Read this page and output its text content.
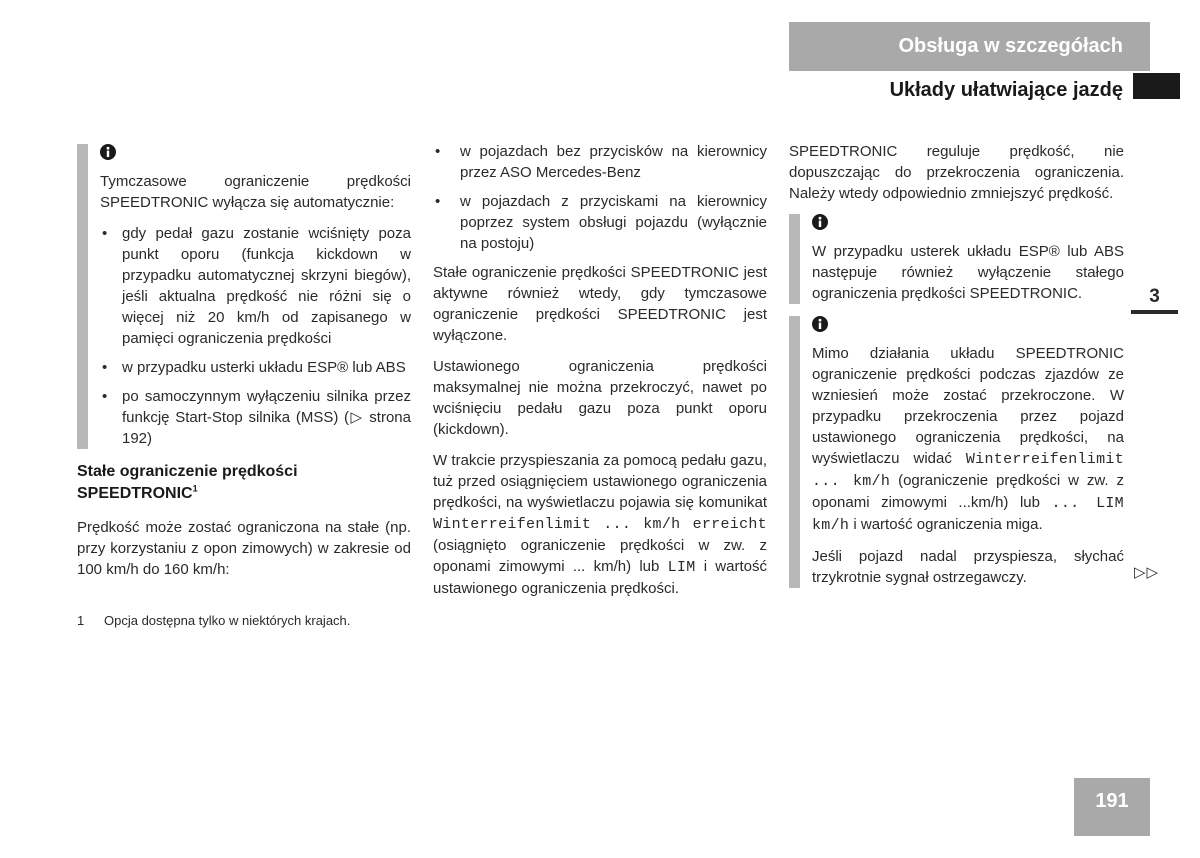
Obsługa w szczegółach
Układy ułatwiające jazdę
3

Tymczasowe ograniczenie prędkości SPEEDTRONIC wyłącza się automatycznie:

• gdy pedał gazu zostanie wciśnięty poza punkt oporu (funkcja kickdown w przypadku automatycznej skrzyni biegów), jeśli aktualna prędkość nie różni się o więcej niż 20 km/h od zapisanego w pamięci ograniczenia prędkości
• w przypadku usterki układu ESP® lub ABS
• po samoczynnym wyłączeniu silnika przez funkcję Start-Stop silnika (MSS) (▷ strona 192)
Stałe ograniczenie prędkości SPEEDTRONIC$^1$

Prędkość może zostać ograniczona na stałe (np. przy korzystaniu z opon zimowych) w zakresie od 100 km/h do 160 km/h:

• w pojazdach bez przycisków na kierownicy przez ASO Mercedes-Benz
• w pojazdach z przyciskami na kierownicy poprzez system obsługi pojazdu (wyłącznie na postoju)

Stałe ograniczenie prędkości SPEEDTRONIC jest aktywne również wtedy, gdy tymczasowe ograniczenie prędkości SPEEDTRONIC jest wyłączone.

Ustawionego ograniczenia prędkości maksymalnej nie można przekroczyć, nawet po wciśnięciu pedału gazu poza punkt oporu (kickdown).

W trakcie przyspieszania za pomocą pedału gazu, tuż przed osiągnięciem ustawionego ograniczenia prędkości, na wyświetlaczu pojawia się komunikat Winterreifenlimit ... km/h erreicht (osiągnięto ograniczenie prędkości w zw. z oponami zimowymi ... km/h) lub LIM i wartość ustawionego ograniczenia prędkości.

SPEEDTRONIC reguluje prędkość, nie dopuszczając do przekroczenia ograniczenia. Należy wtedy odpowiednio zmniejszyć prędkość.

W przypadku usterek układu ESP® lub ABS następuje również wyłączenie stałego ograniczenia prędkości SPEEDTRONIC.

Mimo działania układu SPEEDTRONIC ograniczenie prędkości podczas zjazdów ze wzniesień może zostać przekroczone. W przypadku przekroczenia przez pojazd ustawionego ograniczenia prędkości, na wyświetlaczu widać Winterreifenlimit ... km/h (ograniczenie prędkości w zw. z oponami zimowymi ...km/h) lub ... LIM km/h i wartość ograniczenia miga.

Jeśli pojazd nadal przyspiesza, słychać trzykrotnie sygnał ostrzegawczy.	▷▷
1 Opcja dostępna tylko w niektórych krajach.
191
